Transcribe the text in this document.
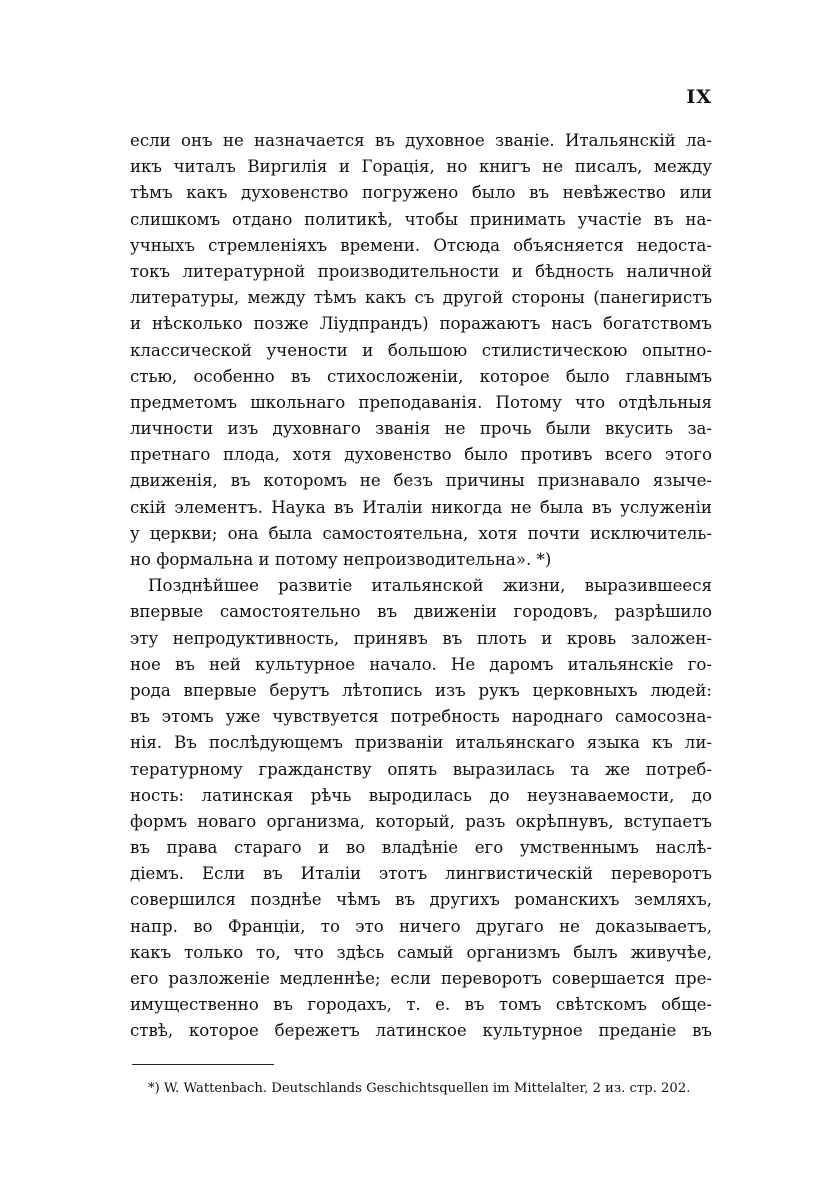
IX
если онъ не назначается въ духовное званіе. Итальянскій ла-
икъ читалъ Виргилія и Горація, но книгъ не писалъ, между
тѣмъ какъ духовенство погружено было въ невѣжество или
слишкомъ отдано политикѣ, чтобы принимать участіе въ на-
учныхъ стремленіяхъ времени. Отсюда объясняется недоста-
токъ литературной производительности и бѣдность наличной
литературы, между тѣмъ какъ съ другой стороны (панегиристъ
и нѣсколько позже Ліудпрандъ) поражаютъ насъ богатствомъ
классической учености и большою стилистическою опытно-
стью, особенно въ стихосложеніи, которое было главнымъ
предметомъ школьнаго преподаванія. Потому что отдѣльныя
личности изъ духовнаго званія не прочь были вкусить за-
претнаго плода, хотя духовенство было противъ всего этого
движенія, въ которомъ не безъ причины признавало языче-
скій элементъ. Наука въ Италіи никогда не была въ услуженіи
у церкви; она была самостоятельна, хотя почти исключитель-
но формальна и потому непроизводительна». *)
Позднѣйшее развитіе итальянской жизни, выразившееся
впервые самостоятельно въ движеніи городовъ, разрѣшило
эту непродуктивность, принявъ въ плоть и кровь заложен-
ное въ ней культурное начало. Не даромъ итальянскіе го-
рода впервые берутъ лѣтопись изъ рукъ церковныхъ людей:
въ этомъ уже чувствуется потребность народнаго самосозна-
нія. Въ послѣдующемъ призваніи итальянскаго языка къ ли-
тературному гражданству опять выразилась та же потреб-
ность: латинская рѣчь выродилась до неузнаваемости, до
формъ новаго организма, который, разъ окрѣпнувъ, вступаетъ
въ права стараго и во владѣніе его умственнымъ наслѣ-
діемъ. Если въ Италіи этотъ лингвистическій переворотъ
совершился позднѣе чѣмъ въ другихъ романскихъ земляхъ,
напр. во Франціи, то это ничего другаго не доказываетъ,
какъ только то, что здѣсь самый организмъ былъ живучѣе,
его разложеніе медленнѣе; если переворотъ совершается пре-
имущественно въ городахъ, т. е. въ томъ свѣтскомъ обще-
ствѣ, которое бережетъ латинское культурное преданіе въ
*) W. Wattenbach. Deutschlands Geschichtsquellen im Mittelalter, 2 из. стр. 202.
